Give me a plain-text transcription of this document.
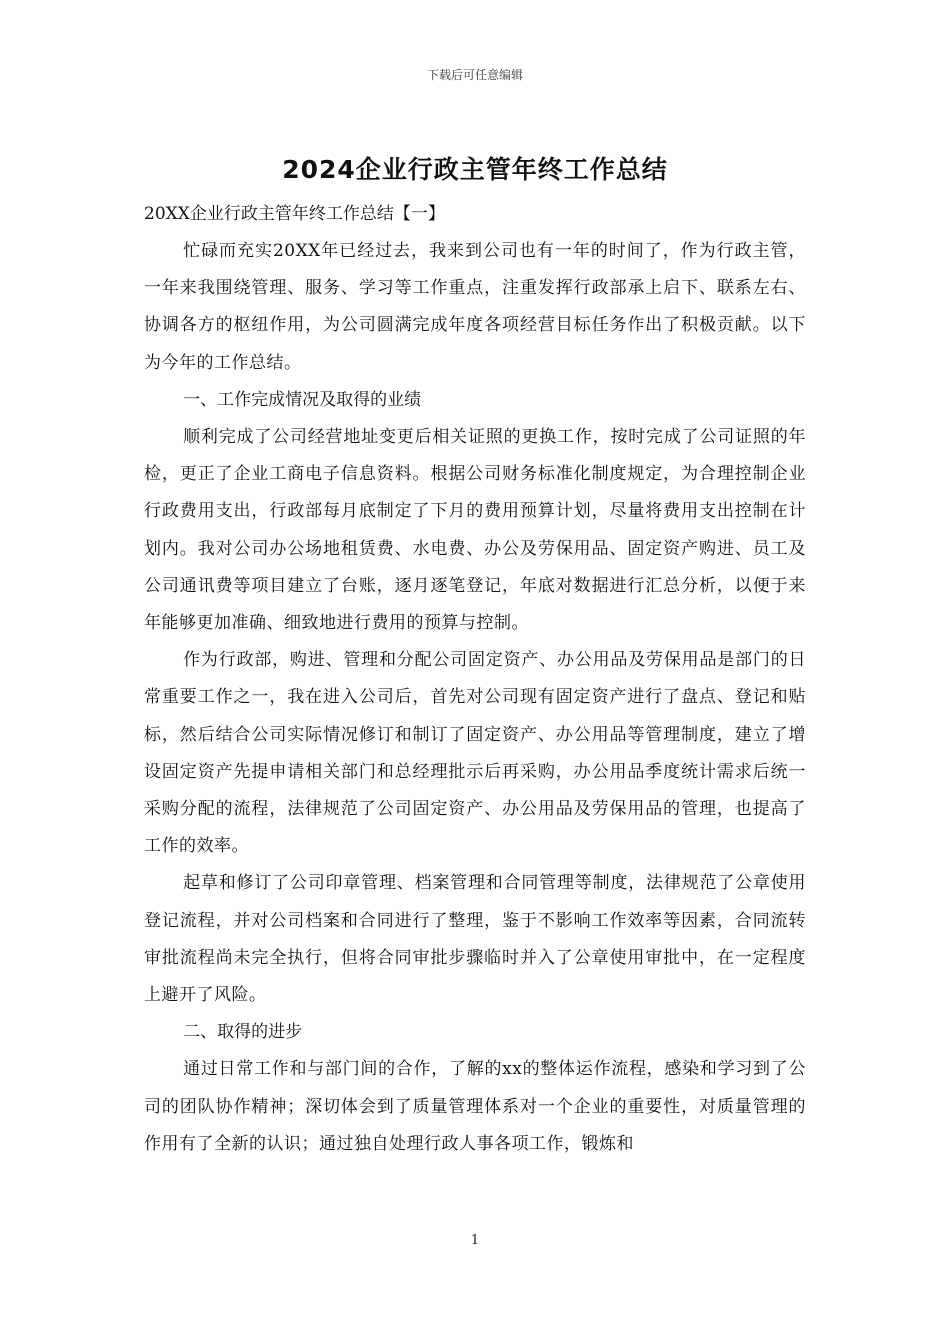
下载后可任意编辑
2024企业行政主管年终工作总结

20XX企业行政主管年终工作总结【一】

忙碌而充实20XX年已经过去，我来到公司也有一年的时间了，作为行政主管，一年来我围绕管理、服务、学习等工作重点，注重发挥行政部承上启下、联系左右、协调各方的枢纽作用，为公司圆满完成年度各项经营目标任务作出了积极贡献。以下为今年的工作总结。

一、工作完成情况及取得的业绩

顺利完成了公司经营地址变更后相关证照的更换工作，按时完成了公司证照的年检，更正了企业工商电子信息资料。根据公司财务标准化制度规定，为合理控制企业行政费用支出，行政部每月底制定了下月的费用预算计划，尽量将费用支出控制在计划内。我对公司办公场地租赁费、水电费、办公及劳保用品、固定资产购进、员工及公司通讯费等项目建立了台账，逐月逐笔登记，年底对数据进行汇总分析，以便于来年能够更加准确、细致地进行费用的预算与控制。

作为行政部，购进、管理和分配公司固定资产、办公用品及劳保用品是部门的日常重要工作之一，我在进入公司后，首先对公司现有固定资产进行了盘点、登记和贴标，然后结合公司实际情况修订和制订了固定资产、办公用品等管理制度，建立了增设固定资产先提申请相关部门和总经理批示后再采购，办公用品季度统计需求后统一采购分配的流程，法律规范了公司固定资产、办公用品及劳保用品的管理，也提高了工作的效率。

起草和修订了公司印章管理、档案管理和合同管理等制度，法律规范了公章使用登记流程，并对公司档案和合同进行了整理，鉴于不影响工作效率等因素，合同流转审批流程尚未完全执行，但将合同审批步骤临时并入了公章使用审批中，在一定程度上避开了风险。

二、取得的进步

通过日常工作和与部门间的合作，了解的xx的整体运作流程，感染和学习到了公司的团队协作精神；深切体会到了质量管理体系对一个企业的重要性，对质量管理的作用有了全新的认识；通过独自处理行政人事各项工作，锻炼和

1
